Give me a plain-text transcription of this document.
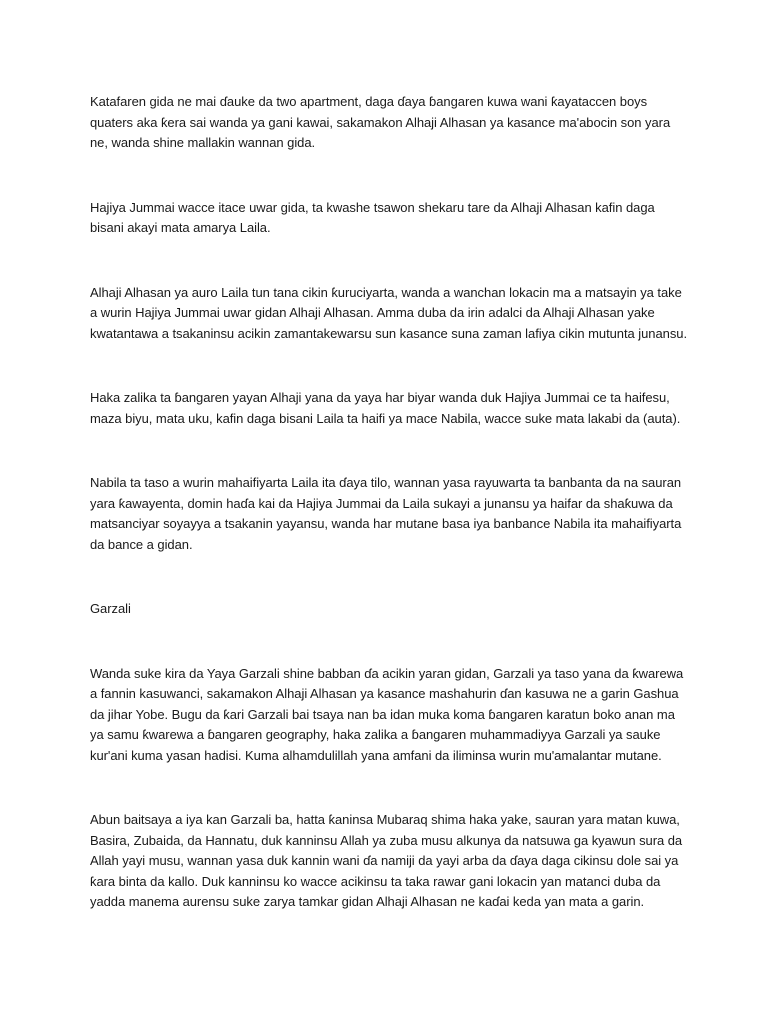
Katafaren gida ne mai ɗauke da two apartment, daga ɗaya ɓangaren kuwa wani ƙayataccen boys quaters aka ƙera sai wanda ya gani kawai, sakamakon Alhaji Alhasan ya kasance ma'abocin son yara ne, wanda shine mallakin wannan gida.

Hajiya Jummai wacce itace uwar gida, ta kwashe tsawon shekaru tare da Alhaji Alhasan kafin daga bisani akayi mata amarya Laila.

Alhaji Alhasan ya auro Laila tun tana cikin ƙuruciyarta, wanda a wanchan lokacin ma a matsayin ya take a wurin Hajiya Jummai uwar gidan Alhaji Alhasan. Amma duba da irin adalci da Alhaji Alhasan yake kwatantawa a tsakaninsu acikin zamantakewarsu sun kasance suna zaman lafiya cikin mutunta junansu.

Haka zalika ta ɓangaren yayan Alhaji yana da yaya har biyar wanda duk Hajiya Jummai ce ta haifesu, maza biyu, mata uku, kafin daga bisani Laila ta haifi ya mace Nabila, wacce suke mata lakabi da (auta).

Nabila ta taso a wurin mahaifiyarta Laila ita ɗaya tilo, wannan yasa rayuwarta ta banbanta da na sauran yara ƙawayenta, domin haɗa kai da Hajiya Jummai da Laila sukayi a junansu ya haifar da shaƙuwa da matsanciyar soyayya a tsakanin yayansu, wanda har mutane basa iya banbance Nabila ita mahaifiyarta da bance a gidan.

Garzali

Wanda suke kira da Yaya Garzali shine babban ɗa acikin yaran gidan, Garzali ya taso yana da ƙwarewa a fannin kasuwanci, sakamakon Alhaji Alhasan ya kasance mashahurin ɗan kasuwa ne a garin Gashua da jihar Yobe. Bugu da ƙari Garzali bai tsaya nan ba idan muka koma ɓangaren karatun boko anan ma ya samu ƙwarewa a ɓangaren geography, haka zalika a ɓangaren muhammadiyya Garzali ya sauke kur'ani kuma yasan hadisi. Kuma alhamdulillah yana amfani da iliminsa wurin mu'amalantar mutane.

Abun baitsaya a iya kan Garzali ba, hatta ƙaninsa Mubaraq shima haka yake, sauran yara matan kuwa, Basira, Zubaida, da Hannatu, duk kanninsu Allah ya zuba musu alkunya da natsuwa ga kyawun sura da Allah yayi musu, wannan yasa duk kannin wani ɗa namiji da yayi arba da ɗaya daga cikinsu dole sai ya ƙara binta da kallo. Duk kanninsu ko wacce acikinsu ta taka rawar gani lokacin yan matanci duba da yadda manema aurensu suke zarya tamkar gidan Alhaji Alhasan ne kaɗai keda yan mata a garin.
